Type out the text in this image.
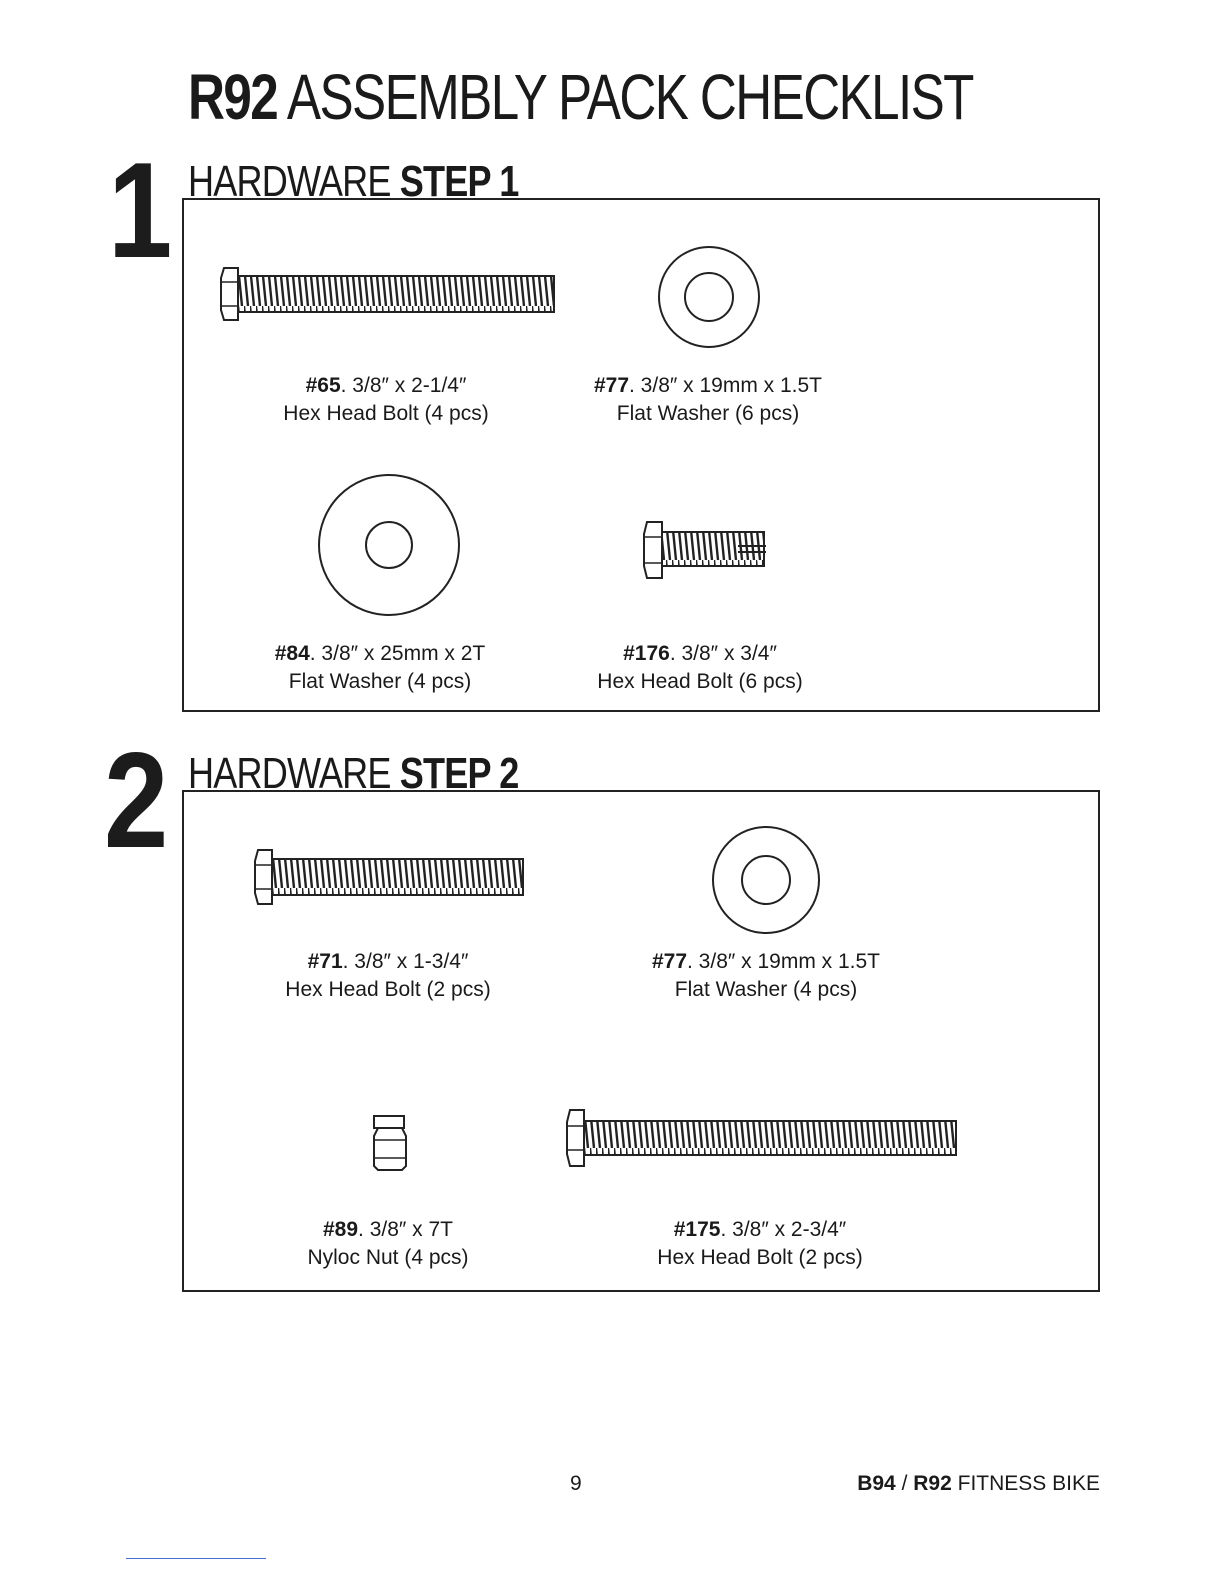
R92 ASSEMBLY PACK CHECKLIST
1 HARDWARE STEP 1
#65. 3/8″ x 2-1/4″
Hex Head Bolt (4 pcs)
#77. 3/8″ x 19mm x 1.5T
Flat Washer (6 pcs)
#84. 3/8″ x 25mm x 2T
Flat Washer (4 pcs)
#176. 3/8″ x 3/4″
Hex Head Bolt (6 pcs)
2 HARDWARE STEP 2
#71. 3/8″ x 1-3/4″
Hex Head Bolt (2 pcs)
#77. 3/8″ x 19mm x 1.5T
Flat Washer (4 pcs)
#89. 3/8″ x 7T
Nyloc Nut (4 pcs)
#175. 3/8″ x 2-3/4″
Hex Head Bolt (2 pcs)
9	B94 / R92 FITNESS BIKE
